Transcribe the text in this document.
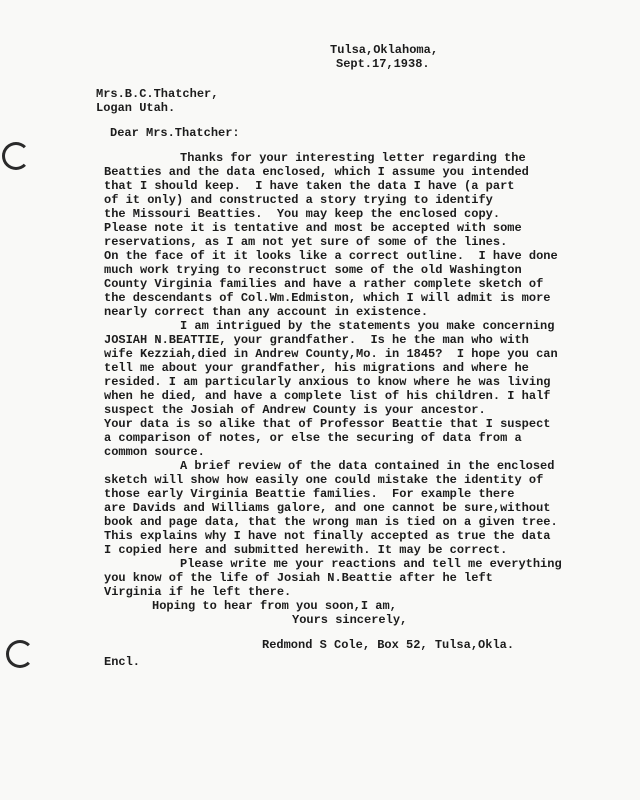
Tulsa,Oklahoma,

Sept.17,1938.

Mrs.B.C.Thatcher,

Logan Utah.

Dear Mrs.Thatcher:

Thanks for your interesting letter regarding the

Beatties and the data enclosed, which I assume you intended

that I should keep.  I have taken the data I have (a part

of it only) and constructed a story trying to identify

the Missouri Beatties.  You may keep the enclosed copy.

Please note it is tentative and most be accepted with some

reservations, as I am not yet sure of some of the lines.

On the face of it it looks like a correct outline.  I have done

much work trying to reconstruct some of the old Washington

County Virginia families and have a rather complete sketch of

the descendants of Col.Wm.Edmiston, which I will admit is more

nearly correct than any account in existence.

I am intrigued by the statements you make concerning

JOSIAH N.BEATTIE, your grandfather.  Is he the man who with

wife Kezziah,died in Andrew County,Mo. in 1845?  I hope you can

tell me about your grandfather, his migrations and where he

resided. I am particularly anxious to know where he was living

when he died, and have a complete list of his children. I half

suspect the Josiah of Andrew County is your ancestor.

Your data is so alike that of Professor Beattie that I suspect

a comparison of notes, or else the securing of data from a

common source.

A brief review of the data contained in the enclosed

sketch will show how easily one could mistake the identity of

those early Virginia Beattie families.  For example there

are Davids and Williams galore, and one cannot be sure,without

book and page data, that the wrong man is tied on a given tree.

This explains why I have not finally accepted as true the data

I copied here and submitted herewith. It may be correct.

Please write me your reactions and tell me everything

you know of the life of Josiah N.Beattie after he left

Virginia if he left there.

Hoping to hear from you soon,I am,

Yours sincerely,

Redmond S Cole, Box 52, Tulsa,Okla.

Encl.
